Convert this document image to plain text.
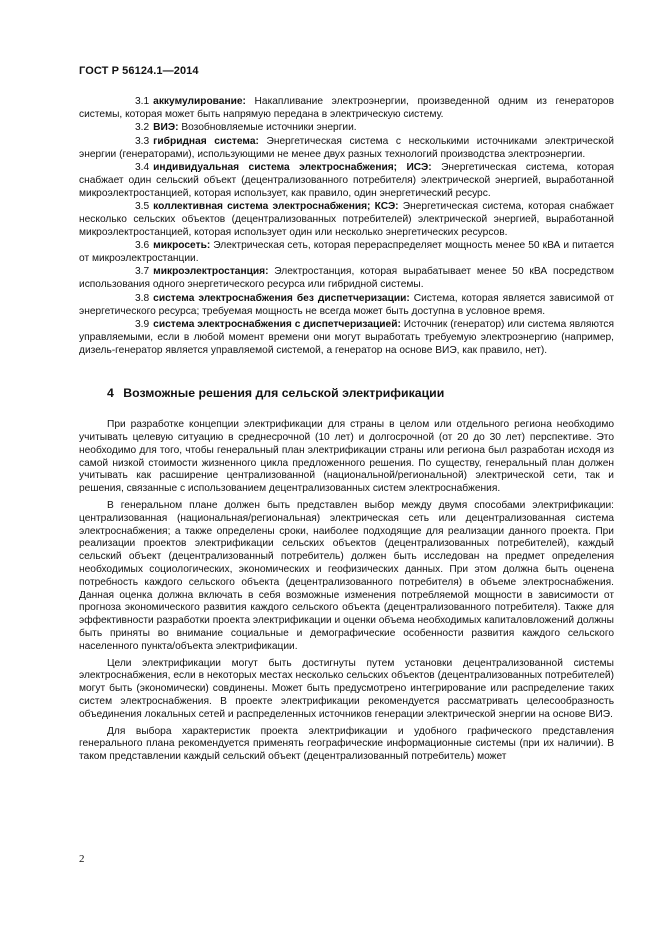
ГОСТ Р 56124.1—2014

3.1 аккумулирование: Накапливание электроэнергии, произведенной одним из генераторов системы, которая может быть напрямую передана в электрическую систему.

3.2 ВИЭ: Возобновляемые источники энергии.

3.3 гибридная система: Энергетическая система с несколькими источниками электрической энергии (генераторами), использующими не менее двух разных технологий производства электроэнергии.

3.4 индивидуальная система электроснабжения; ИСЭ: Энергетическая система, которая снабжает один сельский объект (децентрализованного потребителя) электрической энергией, выработанной микроэлектростанцией, которая использует, как правило, один энергетический ресурс.

3.5 коллективная система электроснабжения; КСЭ: Энергетическая система, которая снабжает несколько сельских объектов (децентрализованных потребителей) электрической энергией, выработанной микроэлектростанцией, которая использует один или несколько энергетических ресурсов.

3.6 микросеть: Электрическая сеть, которая перераспределяет мощность менее 50 кВА и питается от микроэлектростанции.

3.7 микроэлектростанция: Электростанция, которая вырабатывает менее 50 кВА посредством использования одного энергетического ресурса или гибридной системы.

3.8 система электроснабжения без диспетчеризации: Система, которая является зависимой от энергетического ресурса; требуемая мощность не всегда может быть доступна в условное время.

3.9 система электроснабжения с диспетчеризацией: Источник (генератор) или система являются управляемыми, если в любой момент времени они могут выработать требуемую электроэнергию (например, дизель-генератор является управляемой системой, а генератор на основе ВИЭ, как правило, нет).

4 Возможные решения для сельской электрификации

При разработке концепции электрификации для страны в целом или отдельного региона необходимо учитывать целевую ситуацию в среднесрочной (10 лет) и долгосрочной (от 20 до 30 лет) перспективе. Это необходимо для того, чтобы генеральный план электрификации страны или региона был разработан исходя из самой низкой стоимости жизненного цикла предложенного решения. По существу, генеральный план должен учитывать как расширение централизованной (национальной/региональной) электрической сети, так и решения, связанные с использованием децентрализованных систем электроснабжения.

В генеральном плане должен быть представлен выбор между двумя способами электрификации: централизованная (национальная/региональная) электрическая сеть или децентрализованная система электроснабжения; а также определены сроки, наиболее подходящие для реализации данного проекта. При реализации проектов электрификации сельских объектов (децентрализованных потребителей), каждый сельский объект (децентрализованный потребитель) должен быть исследован на предмет определения необходимых социологических, экономических и геофизических данных. При этом должна быть оценена потребность каждого сельского объекта (децентрализованного потребителя) в объеме электроснабжения. Данная оценка должна включать в себя возможные изменения потребляемой мощности в зависимости от прогноза экономического развития каждого сельского объекта (децентрализованного потребителя). Также для эффективности разработки проекта электрификации и оценки объема необходимых капиталовложений должны быть приняты во внимание социальные и демографические особенности развития каждого сельского населенного пункта/объекта электрификации.

Цели электрификации могут быть достигнуты путем установки децентрализованной системы электроснабжения, если в некоторых местах несколько сельских объектов (децентрализованных потребителей) могут быть (экономически) совдинены. Может быть предусмотрено интегрирование или распределение таких систем электроснабжения. В проекте электрификации рекомендуется рассматривать целесообразность объединения локальных сетей и распределенных источников генерации электрической энергии на основе ВИЭ.

Для выбора характеристик проекта электрификации и удобного графического представления генерального плана рекомендуется применять географические информационные системы (при их наличии). В таком представлении каждый сельский объект (децентрализованный потребитель) может

2
